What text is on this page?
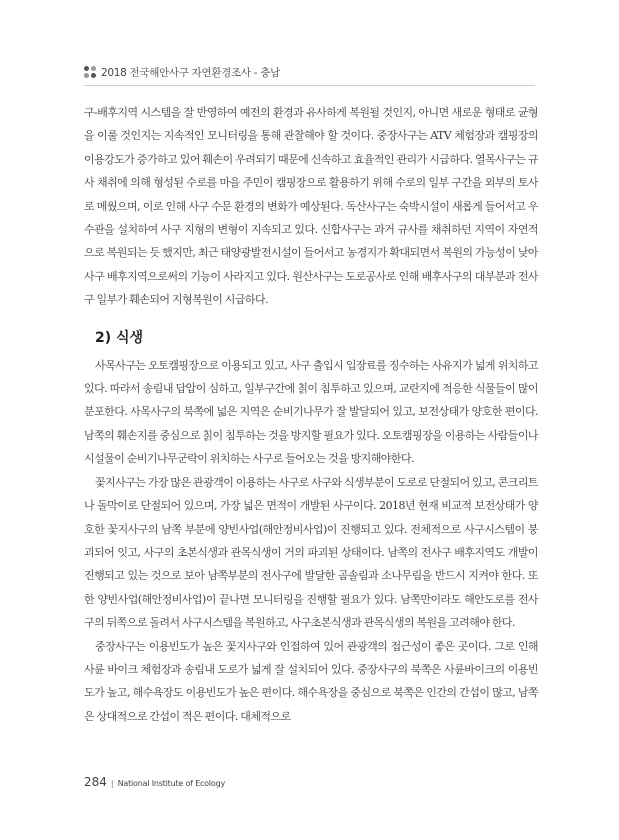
2018 전국해안사구 자연환경조사 - 충남

구-배후지역 시스템을 잘 반영하여 예전의 환경과 유사하게 복원될 것인지, 아니면 새로운 형태로 균형을 이룰 것인지는 지속적인 모니터링을 통해 관찰해야 할 것이다. 중장사구는 ATV 체험장과 캠핑장의 이용강도가 증가하고 있어 훼손이 우려되기 때문에 신속하고 효율적인 관리가 시급하다. 열목사구는 규사 채취에 의해 형성된 수로를 마을 주민이 캠핑장으로 활용하기 위해 수로의 일부 구간을 외부의 토사로 메웠으며, 이로 인해 사구 수문 환경의 변화가 예상된다. 독산사구는 숙박시설이 새롭게 들어서고 우수관을 설치하여 사구 지형의 변형이 지속되고 있다. 신합사구는 과거 규사를 채취하던 지역이 자연적으로 복원되는 듯 했지만, 최근 태양광발전시설이 들어서고 농경지가 확대되면서 복원의 가능성이 낮아 사구 배후지역으로써의 기능이 사라지고 있다. 원산사구는 도로공사로 인해 배후사구의 대부분과 전사구 일부가 훼손되어 지형복원이 시급하다.

2) 식생

사목사구는 오토캠핑장으로 이용되고 있고, 사구 출입시 입장료를 징수하는 사유지가 넓게 위치하고 있다. 따라서 송림내 답압이 심하고, 일부구간에 칡이 침투하고 있으며, 교란지에 적응한 식물들이 많이 분포한다. 사목사구의 북쪽에 넓은 지역은 순비기나무가 잘 발달되어 있고, 보전상태가 양호한 편이다. 남쪽의 훼손지를 중심으로 칡이 침투하는 것을 방지할 필요가 있다. 오토캠핑장을 이용하는 사람들이나 시설물이 순비기나무군락이 위치하는 사구로 들어오는 것을 방지해야한다.

꽃지사구는 가장 많은 관광객이 이용하는 사구로 사구와 식생부분이 도로로 단절되어 있고, 콘크리트나 돌막이로 단절되어 있으며, 가장 넓은 면적이 개발된 사구이다. 2018년 현재 비교적 보전상태가 양호한 꽃지사구의 남쪽 부분에 양빈사업(해안정비사업)이 진행되고 있다. 전체적으로 사구시스템이 붕괴되어 잇고, 사구의 초본식생과 관목식생이 거의 파괴된 상태이다. 남쪽의 전사구 배후지역도 개발이 진행되고 있는 것으로 보아 남쪽부분의 전사구에 발달한 곰솔림과 소나무림을 반드시 지켜야 한다. 또한 양빈사업(해안정비사업)이 끝나면 모니터링을 진행할 필요가 있다. 남쪽만이라도 해안도로를 전사구의 뒤쪽으로 돌려서 사구시스템을 복원하고, 사구초본식생과 관목식생의 복원을 고려해야 한다.

중장사구는 이용빈도가 높은 꽃지사구와 인접하여 있어 관광객의 접근성이 좋은 곳이다. 그로 인해 사륜 바이크 체험장과 송림내 도로가 넓게 잘 설치되어 있다. 중장사구의 북쪽은 사륜바이크의 이용빈도가 높고, 해수욕장도 이용빈도가 높은 편이다. 해수욕장을 중심으로 북쪽은 인간의 간섭이 많고, 남쪽은 상대적으로 간섭이 적은 편이다. 대체적으로

284 | National Institute of Ecology
